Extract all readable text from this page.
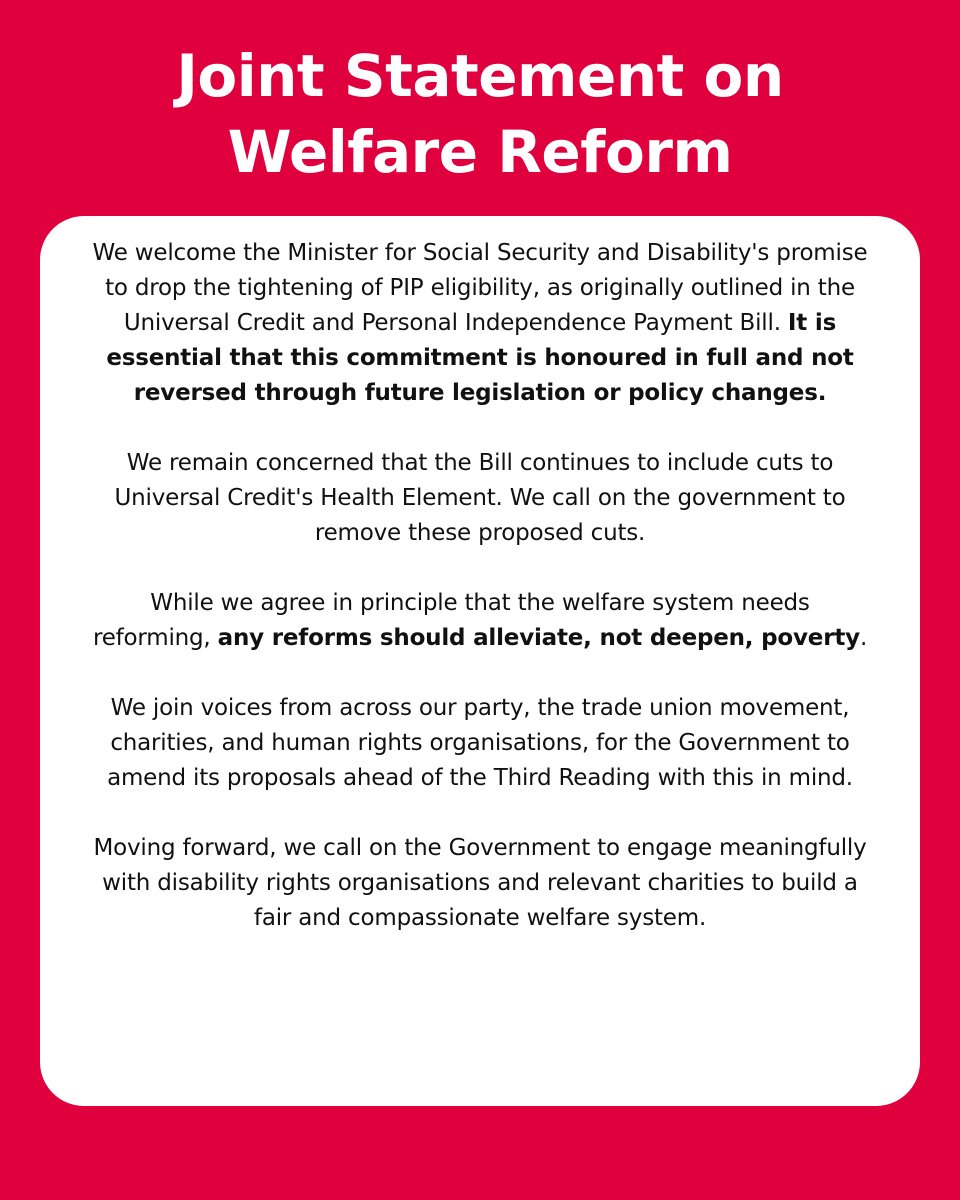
Joint Statement on
Welfare Reform

We welcome the Minister for Social Security and Disability's promise to drop the tightening of PIP eligibility, as originally outlined in the Universal Credit and Personal Independence Payment Bill. It is essential that this commitment is honoured in full and not reversed through future legislation or policy changes.

We remain concerned that the Bill continues to include cuts to Universal Credit's Health Element. We call on the government to remove these proposed cuts.

While we agree in principle that the welfare system needs reforming, any reforms should alleviate, not deepen, poverty.

We join voices from across our party, the trade union movement, charities, and human rights organisations, for the Government to amend its proposals ahead of the Third Reading with this in mind.

Moving forward, we call on the Government to engage meaningfully with disability rights organisations and relevant charities to build a fair and compassionate welfare system.
